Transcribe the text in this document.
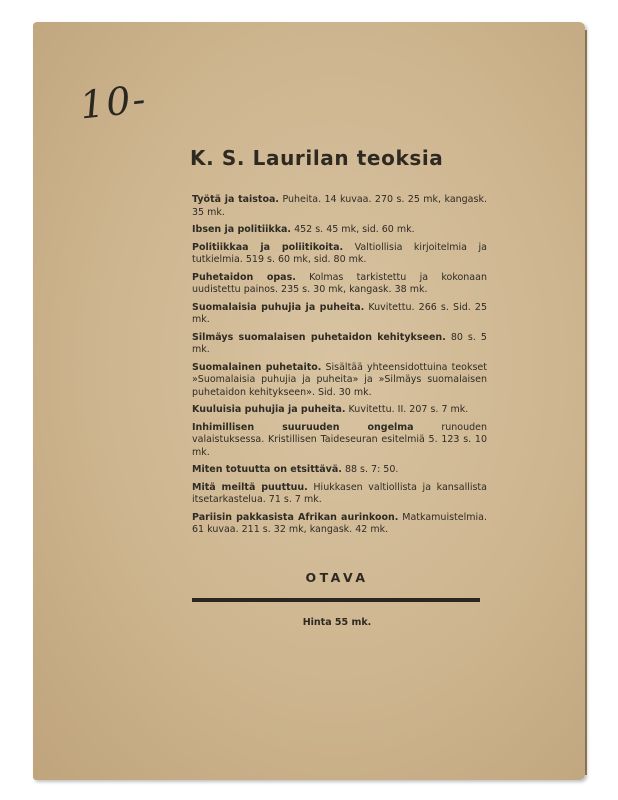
10-
K. S. Laurilan teoksia
Työtä ja taistoa. Puheita. 14 kuvaa. 270 s. 25 mk, kangask. 35 mk.
Ibsen ja politiikka. 452 s. 45 mk, sid. 60 mk.
Politiikkaa ja poliitikoita. Valtiollisia kirjoitelmia ja tutkielmia. 519 s. 60 mk, sid. 80 mk.
Puhetaidon opas. Kolmas tarkistettu ja kokonaan uudistettu painos. 235 s. 30 mk, kangask. 38 mk.
Suomalaisia puhujia ja puheita. Kuvitettu. 266 s. Sid. 25 mk.
Silmäys suomalaisen puhetaidon kehitykseen. 80 s. 5 mk.
Suomalainen puhetaito. Sisältää yhteensidottuina teokset »Suomalaisia puhujia ja puheita» ja »Silmäys suomalaisen puhetaidon kehitykseen». Sid. 30 mk.
Kuuluisia puhujia ja puheita. Kuvitettu. II. 207 s. 7 mk.
Inhimillisen suuruuden ongelma	runouden valaistuksessa. Kristillisen Taideseuran esitelmiä 5. 123 s. 10 mk.
Miten totuutta on etsittävä. 88 s. 7: 50.
Mitä meiltä puuttuu. Hiukkasen valtiollista ja kansallista itsetarkastelua. 71 s. 7 mk.
Pariisin pakkasista Afrikan aurinkoon. Matkamuistelmia. 61 kuvaa. 211 s. 32 mk, kangask. 42 mk.
OTAVA
Hinta 55 mk.
